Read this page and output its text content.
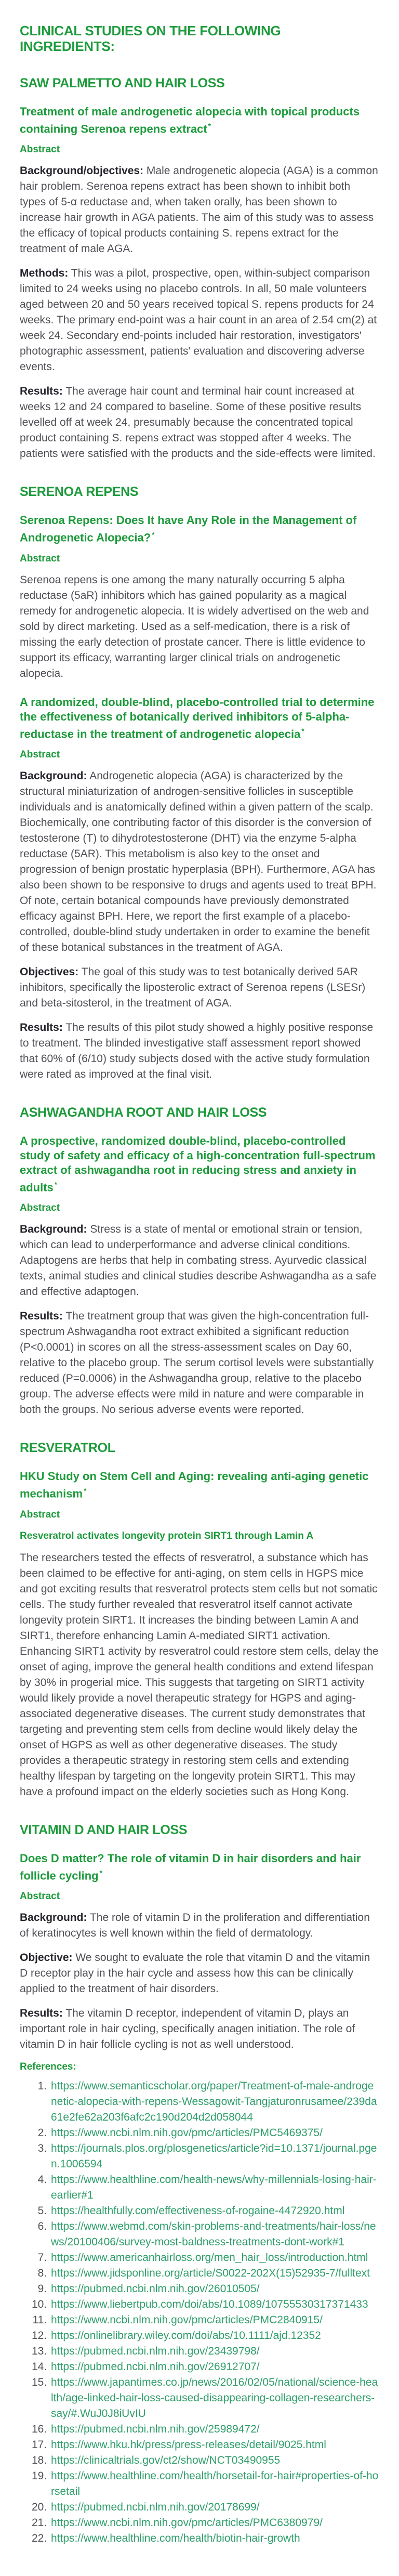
CLINICAL STUDIES ON THE FOLLOWING INGREDIENTS:
SAW PALMETTO AND HAIR LOSS
Treatment of male androgenetic alopecia with topical products containing Serenoa repens extract *
Abstract

Background/objectives: Male androgenetic alopecia (AGA) is a common hair problem. Serenoa repens extract has been shown to inhibit both types of 5-α reductase and, when taken orally, has been shown to increase hair growth in AGA patients. The aim of this study was to assess the efficacy of topical products containing S. repens extract for the treatment of male AGA.

Methods: This was a pilot, prospective, open, within-subject comparison limited to 24 weeks using no placebo controls. In all, 50 male volunteers aged between 20 and 50 years received topical S. repens products for 24 weeks. The primary end-point was a hair count in an area of 2.54 cm(2) at week 24. Secondary end-points included hair restoration, investigators' photographic assessment, patients' evaluation and discovering adverse events.

Results: The average hair count and terminal hair count increased at weeks 12 and 24 compared to baseline. Some of these positive results levelled off at week 24, presumably because the concentrated topical product containing S. repens extract was stopped after 4 weeks. The patients were satisfied with the products and the side-effects were limited.

SERENOA REPENS
Serenoa Repens: Does It have Any Role in the Management of Androgenetic Alopecia? *
Abstract

Serenoa repens is one among the many naturally occurring 5 alpha reductase (5aR) inhibitors which has gained popularity as a magical remedy for androgenetic alopecia. It is widely advertised on the web and sold by direct marketing. Used as a self-medication, there is a risk of missing the early detection of prostate cancer. There is little evidence to support its efficacy, warranting larger clinical trials on androgenetic alopecia.

A randomized, double-blind, placebo-controlled trial to determine the effectiveness of botanically derived inhibitors of 5-alpha-reductase in the treatment of androgenetic alopecia *
Abstract

Background: Androgenetic alopecia (AGA) is characterized by the structural miniaturization of androgen-sensitive follicles in susceptible individuals and is anatomically defined within a given pattern of the scalp. Biochemically, one contributing factor of this disorder is the conversion of testosterone (T) to dihydrotestosterone (DHT) via the enzyme 5-alpha reductase (5AR). This metabolism is also key to the onset and progression of benign prostatic hyperplasia (BPH). Furthermore, AGA has also been shown to be responsive to drugs and agents used to treat BPH. Of note, certain botanical compounds have previously demonstrated efficacy against BPH. Here, we report the first example of a placebo-controlled, double-blind study undertaken in order to examine the benefit of these botanical substances in the treatment of AGA.

Objectives: The goal of this study was to test botanically derived 5AR inhibitors, specifically the liposterolic extract of Serenoa repens (LSESr) and beta-sitosterol, in the treatment of AGA.

Results: The results of this pilot study showed a highly positive response to treatment. The blinded investigative staff assessment report showed that 60% of (6/10) study subjects dosed with the active study formulation were rated as improved at the final visit.

ASHWAGANDHA ROOT AND HAIR LOSS
A prospective, randomized double-blind, placebo-controlled study of safety and efficacy of a high-concentration full-spectrum extract of ashwagandha root in reducing stress and anxiety in adults *
Abstract

Background: Stress is a state of mental or emotional strain or tension, which can lead to underperformance and adverse clinical conditions. Adaptogens are herbs that help in combating stress. Ayurvedic classical texts, animal studies and clinical studies describe Ashwagandha as a safe and effective adaptogen.

Results: The treatment group that was given the high-concentration full-spectrum Ashwagandha root extract exhibited a significant reduction (P<0.0001) in scores on all the stress-assessment scales on Day 60, relative to the placebo group. The serum cortisol levels were substantially reduced (P=0.0006) in the Ashwagandha group, relative to the placebo group. The adverse effects were mild in nature and were comparable in both the groups. No serious adverse events were reported.

RESVERATROL
HKU Study on Stem Cell and Aging: revealing anti-aging genetic mechanism *
Abstract
Resveratrol activates longevity protein SIRT1 through Lamin A

The researchers tested the effects of resveratrol, a substance which has been claimed to be effective for anti-aging, on stem cells in HGPS mice and got exciting results that resveratrol protects stem cells but not somatic cells. The study further revealed that resveratrol itself cannot activate longevity protein SIRT1. It increases the binding between Lamin A and SIRT1, therefore enhancing Lamin A-mediated SIRT1 activation. Enhancing SIRT1 activity by resveratrol could restore stem cells, delay the onset of aging, improve the general health conditions and extend lifespan by 30% in progerial mice. This suggests that targeting on SIRT1 activity would likely provide a novel therapeutic strategy for HGPS and aging-associated degenerative diseases. The current study demonstrates that targeting and preventing stem cells from decline would likely delay the onset of HGPS as well as other degenerative diseases. The study provides a therapeutic strategy in restoring stem cells and extending healthy lifespan by targeting on the longevity protein SIRT1. This may have a profound impact on the elderly societies such as Hong Kong.

VITAMIN D AND HAIR LOSS
Does D matter? The role of vitamin D in hair disorders and hair follicle cycling *
Abstract

Background: The role of vitamin D in the proliferation and differentiation of keratinocytes is well known within the field of dermatology.

Objective: We sought to evaluate the role that vitamin D and the vitamin D receptor play in the hair cycle and assess how this can be clinically applied to the treatment of hair disorders.

Results: The vitamin D receptor, independent of vitamin D, plays an important role in hair cycling, specifically anagen initiation. The role of vitamin D in hair follicle cycling is not as well understood.

References:
1. https://www.semanticscholar.org/paper/Treatment-of-male-androgenetic-alopecia-with-repens-Wessagowit-Tangjaturonrusamee/239da61e2fe62a203f6afc2c190d204d2d058044
2. https://www.ncbi.nlm.nih.gov/pmc/articles/PMC5469375/
3. https://journals.plos.org/plosgenetics/article?id=10.1371/journal.pgen.1006594
4. https://www.healthline.com/health-news/why-millennials-losing-hair-earlier#1
5. https://healthfully.com/effectiveness-of-rogaine-4472920.html
6. https://www.webmd.com/skin-problems-and-treatments/hair-loss/news/20100406/survey-most-baldness-treatments-dont-work#1
7. https://www.americanhairloss.org/men_hair_loss/introduction.html
8. https://www.jidsponline.org/article/S0022-202X(15)52935-7/fulltext
9. https://pubmed.ncbi.nlm.nih.gov/26010505/
10. https://www.liebertpub.com/doi/abs/10.1089/10755530317371433
11. https://www.ncbi.nlm.nih.gov/pmc/articles/PMC2840915/
12. https://onlinelibrary.wiley.com/doi/abs/10.1111/ajd.12352
13. https://pubmed.ncbi.nlm.nih.gov/23439798/
14. https://pubmed.ncbi.nlm.nih.gov/26912707/
15. https://www.japantimes.co.jp/news/2016/02/05/national/science-health/age-linked-hair-loss-caused-disappearing-collagen-researchers-say/#.WuJ0J8iUvIU
16. https://pubmed.ncbi.nlm.nih.gov/25989472/
17. https://www.hku.hk/press/press-releases/detail/9025.html
18. https://clinicaltrials.gov/ct2/show/NCT03490955
19. https://www.healthline.com/health/horsetail-for-hair#properties-of-horsetail
20. https://pubmed.ncbi.nlm.nih.gov/20178699/
21. https://www.ncbi.nlm.nih.gov/pmc/articles/PMC6380979/
22. https://www.healthline.com/health/biotin-hair-growth
